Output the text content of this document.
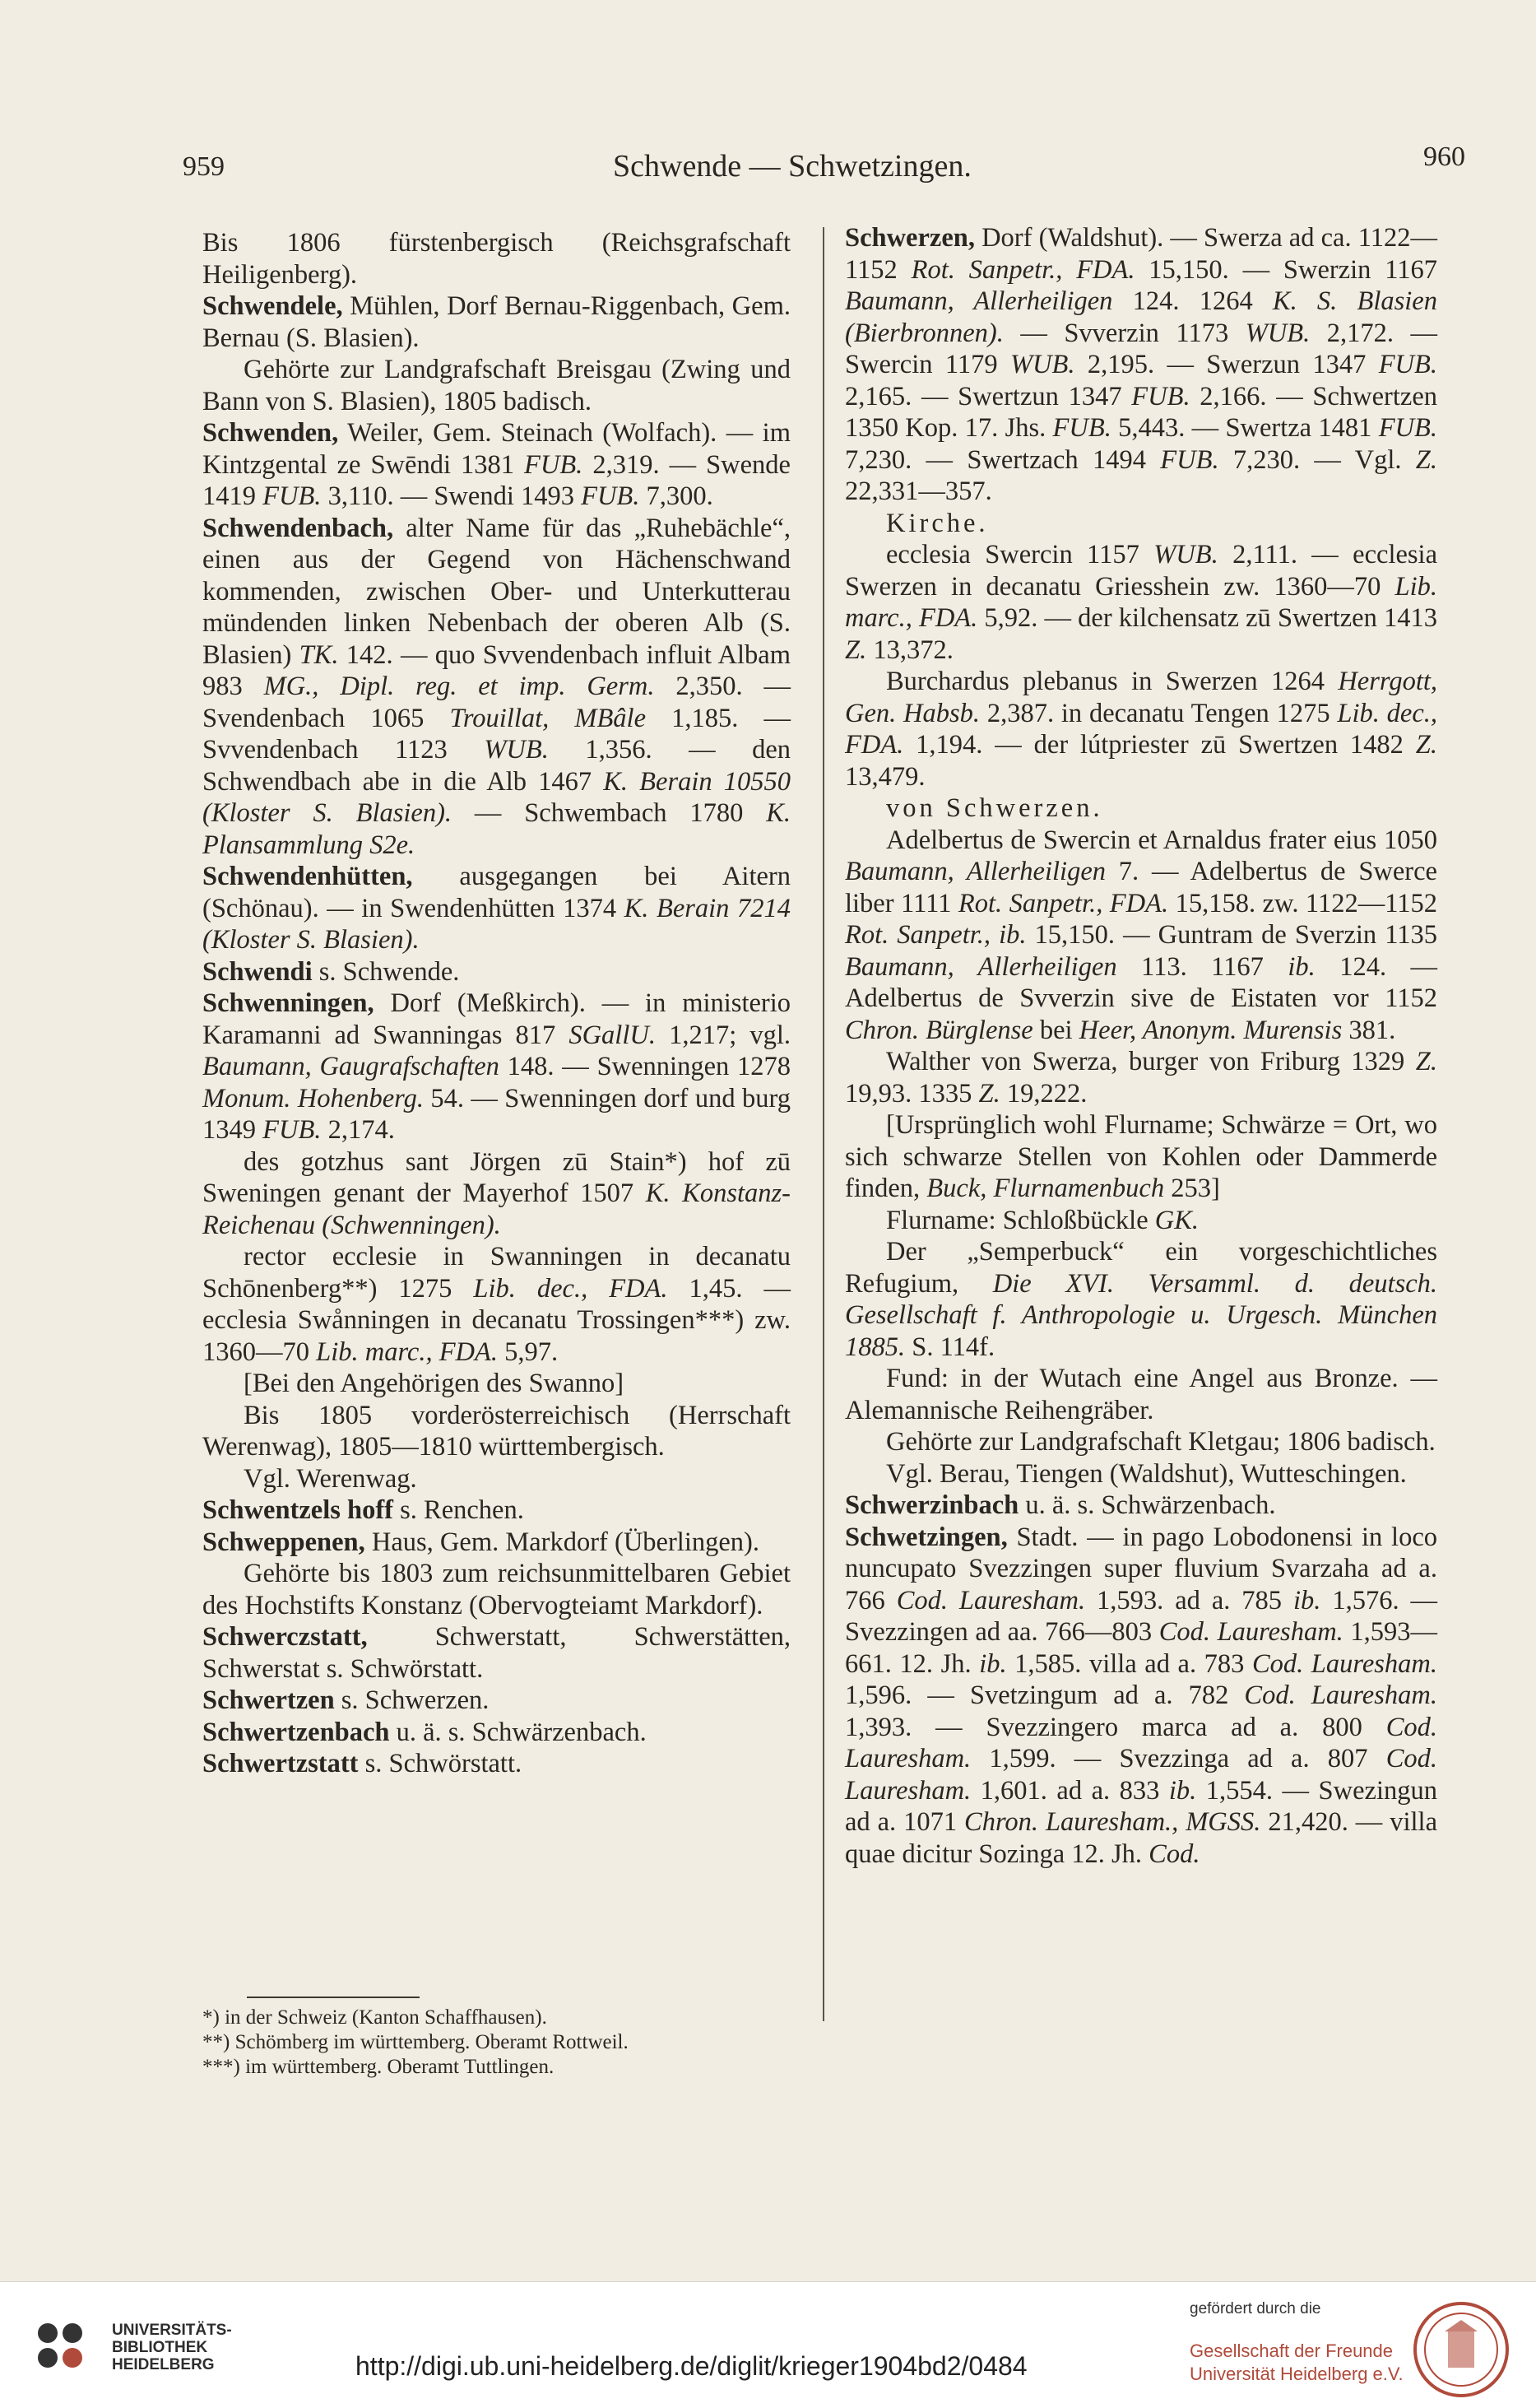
959	Schwende — Schwetzingen.	960

Bis 1806 fürstenbergisch (Reichsgrafschaft Heiligenberg).

Schwendele, Mühlen, Dorf Bernau-Riggenbach, Gem. Bernau (S. Blasien).

Gehörte zur Landgrafschaft Breisgau (Zwing und Bann von S. Blasien), 1805 badisch.

Schwenden, Weiler, Gem. Steinach (Wolfach). — im Kintzgental ze Swēndi 1381 FUB. 2,319. — Swende 1419 FUB. 3,110. — Swendi 1493 FUB. 7,300.

Schwendenbach, alter Name für das „Ruhebächle“, einen aus der Gegend von Hächenschwand kommenden, zwischen Ober- und Unterkutterau mündenden linken Nebenbach der oberen Alb (S. Blasien) TK. 142. — quo Svvendenbach influit Albam 983 MG., Dipl. reg. et imp. Germ. 2,350. — Svendenbach 1065 Trouillat, MBâle 1,185. — Svvendenbach 1123 WUB. 1,356. — den Schwendbach abe in die Alb 1467 K. Berain 10550 (Kloster S. Blasien). — Schwembach 1780 K. Plansammlung S2e.

Schwendenhütten, ausgegangen bei Aitern (Schönau). — in Swendenhütten 1374 K. Berain 7214 (Kloster S. Blasien).

Schwendi s. Schwende.

Schwenningen, Dorf (Meßkirch). — in ministerio Karamanni ad Swanningas 817 SGallU. 1,217; vgl. Baumann, Gaugrafschaften 148. — Swenningen 1278 Monum. Hohenberg. 54. — Swenningen dorf und burg 1349 FUB. 2,174.

des gotzhus sant Jörgen zū Stain*) hof zū Sweningen genant der Mayerhof 1507 K. Konstanz-Reichenau (Schwenningen).

rector ecclesie in Swanningen in decanatu Schōnenberg**) 1275 Lib. dec., FDA. 1,45. — ecclesia Swånningen in decanatu Trossingen***) zw. 1360—70 Lib. marc., FDA. 5,97.

[Bei den Angehörigen des Swanno]

Bis 1805 vorderösterreichisch (Herrschaft Werenwag), 1805—1810 württembergisch.

Vgl. Werenwag.

Schwentzels hoff s. Renchen.

Schweppenen, Haus, Gem. Markdorf (Überlingen).

Gehörte bis 1803 zum reichsunmittelbaren Gebiet des Hochstifts Konstanz (Obervogteiamt Markdorf).

Schwerczstatt, Schwerstatt, Schwerstätten, Schwerstat s. Schwörstatt.

Schwertzen s. Schwerzen.

Schwertzenbach u. ä. s. Schwärzenbach.

Schwertzstatt s. Schwörstatt.

Schwerzen, Dorf (Waldshut). — Swerza ad ca. 1122—1152 Rot. Sanpetr., FDA. 15,150. — Swerzin 1167 Baumann, Allerheiligen 124. 1264 K. S. Blasien (Bierbronnen). — Svverzin 1173 WUB. 2,172. — Swercin 1179 WUB. 2,195. — Swerzun 1347 FUB. 2,165. — Swertzun 1347 FUB. 2,166. — Schwertzen 1350 Kop. 17. Jhs. FUB. 5,443. — Swertza 1481 FUB. 7,230. — Swertzach 1494 FUB. 7,230. — Vgl. Z. 22,331—357.

Kirche.

ecclesia Swercin 1157 WUB. 2,111. — ecclesia Swerzen in decanatu Griesshein zw. 1360—70 Lib. marc., FDA. 5,92. — der kilchensatz zū Swertzen 1413 Z. 13,372.

Burchardus plebanus in Swerzen 1264 Herrgott, Gen. Habsb. 2,387. in decanatu Tengen 1275 Lib. dec., FDA. 1,194. — der lútpriester zū Swertzen 1482 Z. 13,479.

von Schwerzen.

Adelbertus de Swercin et Arnaldus frater eius 1050 Baumann, Allerheiligen 7. — Adelbertus de Swerce liber 1111 Rot. Sanpetr., FDA. 15,158. zw. 1122—1152 Rot. Sanpetr., ib. 15,150. — Guntram de Sverzin 1135 Baumann, Allerheiligen 113. 1167 ib. 124. — Adelbertus de Svverzin sive de Eistaten vor 1152 Chron. Bürglense bei Heer, Anonym. Murensis 381.

Walther von Swerza, burger von Friburg 1329 Z. 19,93. 1335 Z. 19,222.

[Ursprünglich wohl Flurname; Schwärze = Ort, wo sich schwarze Stellen von Kohlen oder Dammerde finden, Buck, Flurnamenbuch 253]

Flurname: Schloßbückle GK.

Der „Semperbuck“ ein vorgeschichtliches Refugium, Die XVI. Versamml. d. deutsch. Gesellschaft f. Anthropologie u. Urgesch. München 1885. S. 114f.

Fund: in der Wutach eine Angel aus Bronze. — Alemannische Reihengräber.

Gehörte zur Landgrafschaft Kletgau; 1806 badisch.

Vgl. Berau, Tiengen (Waldshut), Wutteschingen.

Schwerzinbach u. ä. s. Schwärzenbach.

Schwetzingen, Stadt. — in pago Lobodonensi in loco nuncupato Svezzingen super fluvium Svarzaha ad a. 766 Cod. Lauresham. 1,593. ad a. 785 ib. 1,576. — Svezzingen ad aa. 766—803 Cod. Lauresham. 1,593—661. 12. Jh. ib. 1,585. villa ad a. 783 Cod. Lauresham. 1,596. — Svetzingum ad a. 782 Cod. Lauresham. 1,393. — Svezzingero marca ad a. 800 Cod. Lauresham. 1,599. — Svezzinga ad a. 807 Cod. Lauresham. 1,601. ad a. 833 ib. 1,554. — Swezingun ad a. 1071 Chron. Lauresham., MGSS. 21,420. — villa quae dicitur Sozinga 12. Jh. Cod.

*) in der Schweiz (Kanton Schaffhausen).

**) Schömberg im württemberg. Oberamt Rottweil.

***) im württemberg. Oberamt Tuttlingen.

UNIVERSITÄTS-
BIBLIOTHEK
HEIDELBERG	http://digi.ub.uni-heidelberg.de/diglit/krieger1904bd2/0484
gefördert durch die
Gesellschaft der Freunde Universität Heidelberg e.V.
